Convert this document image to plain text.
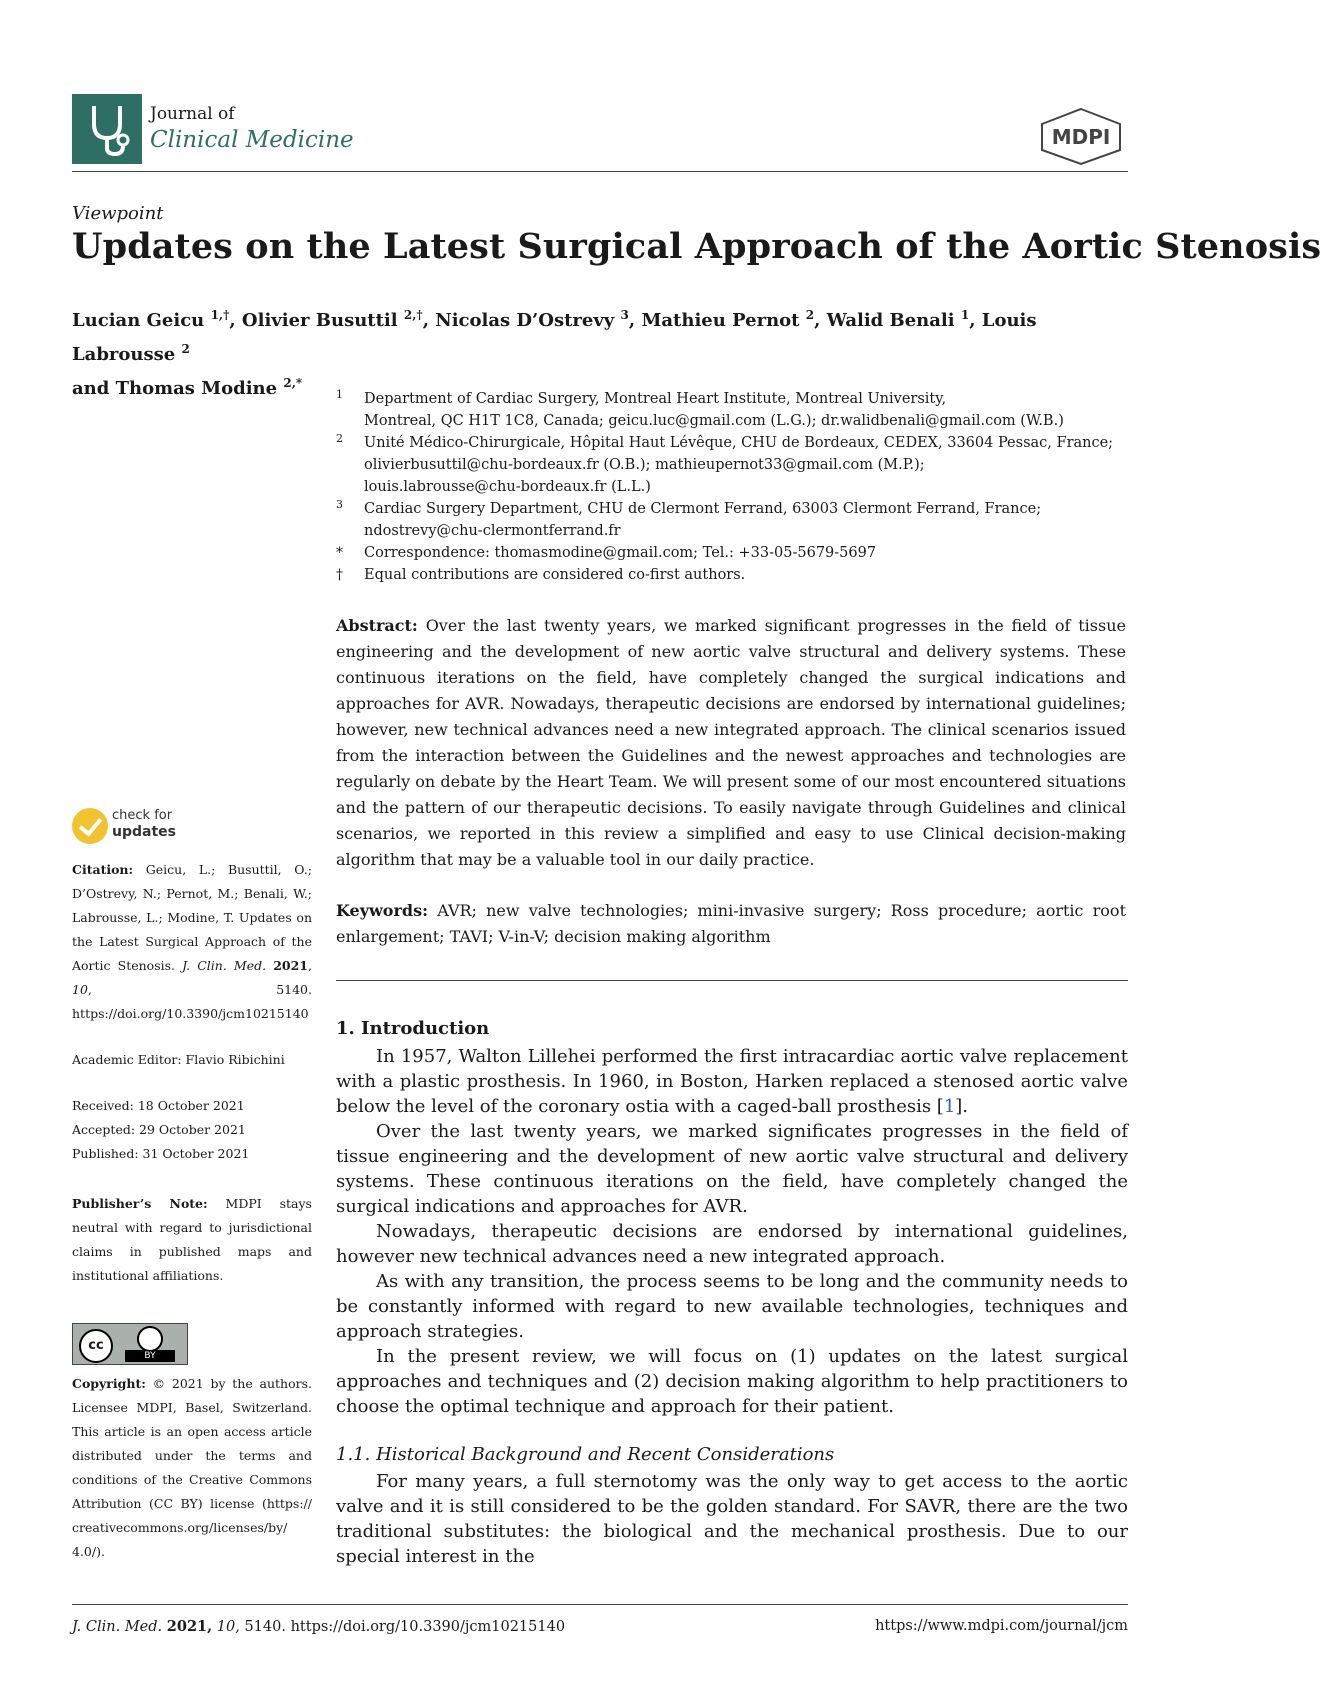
Journal of
Clinical Medicine	MDPI
Viewpoint
Updates on the Latest Surgical Approach of the Aortic Stenosis
Lucian Geicu $^{1,\dagger}$, Olivier Busuttil $^{2,\dagger}$, Nicolas D’Ostrevy $^3$, Mathieu Pernot $^2$, Walid Benali $^1$, Louis Labrousse $^2$
and Thomas Modine $^{2,*}$
1 Department of Cardiac Surgery, Montreal Heart Institute, Montreal University,
Montreal, QC H1T 1C8, Canada; geicu.luc@gmail.com (L.G.); dr.walidbenali@gmail.com (W.B.)
2 Unité Médico-Chirurgicale, Hôpital Haut Lévêque, CHU de Bordeaux, CEDEX, 33604 Pessac, France;
olivierbusuttil@chu-bordeaux.fr (O.B.); mathieupernot33@gmail.com (M.P.);
louis.labrousse@chu-bordeaux.fr (L.L.)
3 Cardiac Surgery Department, CHU de Clermont Ferrand, 63003 Clermont Ferrand, France;
ndostrevy@chu-clermontferrand.fr
* Correspondence: thomasmodine@gmail.com; Tel.: +33-05-5679-5697
† Equal contributions are considered co-first authors.
Abstract: Over the last twenty years, we marked significant progresses in the field of tissue engineering and the development of new aortic valve structural and delivery systems. These continuous iterations on the field, have completely changed the surgical indications and approaches for AVR. Nowadays, therapeutic decisions are endorsed by international guidelines; however, new technical advances need a new integrated approach. The clinical scenarios issued from the interaction between the Guidelines and the newest approaches and technologies are regularly on debate by the Heart Team. We will present some of our most encountered situations and the pattern of our therapeutic decisions. To easily navigate through Guidelines and clinical scenarios, we reported in this review a simplified and easy to use Clinical decision-making algorithm that may be a valuable tool in our daily practice.
Keywords: AVR; new valve technologies; mini-invasive surgery; Ross procedure; aortic root enlargement; TAVI; V-in-V; decision making algorithm
check for
updates
Citation: Geicu, L.; Busuttil, O.; D’Ostrevy, N.; Pernot, M.; Benali, W.; Labrousse, L.; Modine, T. Updates on the Latest Surgical Approach of the Aortic Stenosis. J. Clin. Med. 2021, 10, 5140. https://doi.org/10.3390/jcm10215140
Academic Editor: Flavio Ribichini
Received: 18 October 2021
Accepted: 29 October 2021
Published: 31 October 2021
Publisher’s Note: MDPI stays neutral with regard to jurisdictional claims in published maps and institutional affiliations.
cc
BY
Copyright: © 2021 by the authors. Licensee MDPI, Basel, Switzerland. This article is an open access article distributed under the terms and conditions of the Creative Commons Attribution (CC BY) license (https:// creativecommons.org/licenses/by/ 4.0/).
1. Introduction

In 1957, Walton Lillehei performed the first intracardiac aortic valve replacement with a plastic prosthesis. In 1960, in Boston, Harken replaced a stenosed aortic valve below the level of the coronary ostia with a caged-ball prosthesis [1].

Over the last twenty years, we marked significates progresses in the field of tissue engineering and the development of new aortic valve structural and delivery systems. These continuous iterations on the field, have completely changed the surgical indications and approaches for AVR.

Nowadays, therapeutic decisions are endorsed by international guidelines, however new technical advances need a new integrated approach.

As with any transition, the process seems to be long and the community needs to be constantly informed with regard to new available technologies, techniques and approach strategies.

In the present review, we will focus on (1) updates on the latest surgical approaches and techniques and (2) decision making algorithm to help practitioners to choose the optimal technique and approach for their patient.

1.1. Historical Background and Recent Considerations

For many years, a full sternotomy was the only way to get access to the aortic valve and it is still considered to be the golden standard. For SAVR, there are the two traditional substitutes: the biological and the mechanical prosthesis. Due to our special interest in the

J. Clin. Med. 2021, 10, 5140. https://doi.org/10.3390/jcm10215140	https://www.mdpi.com/journal/jcm
